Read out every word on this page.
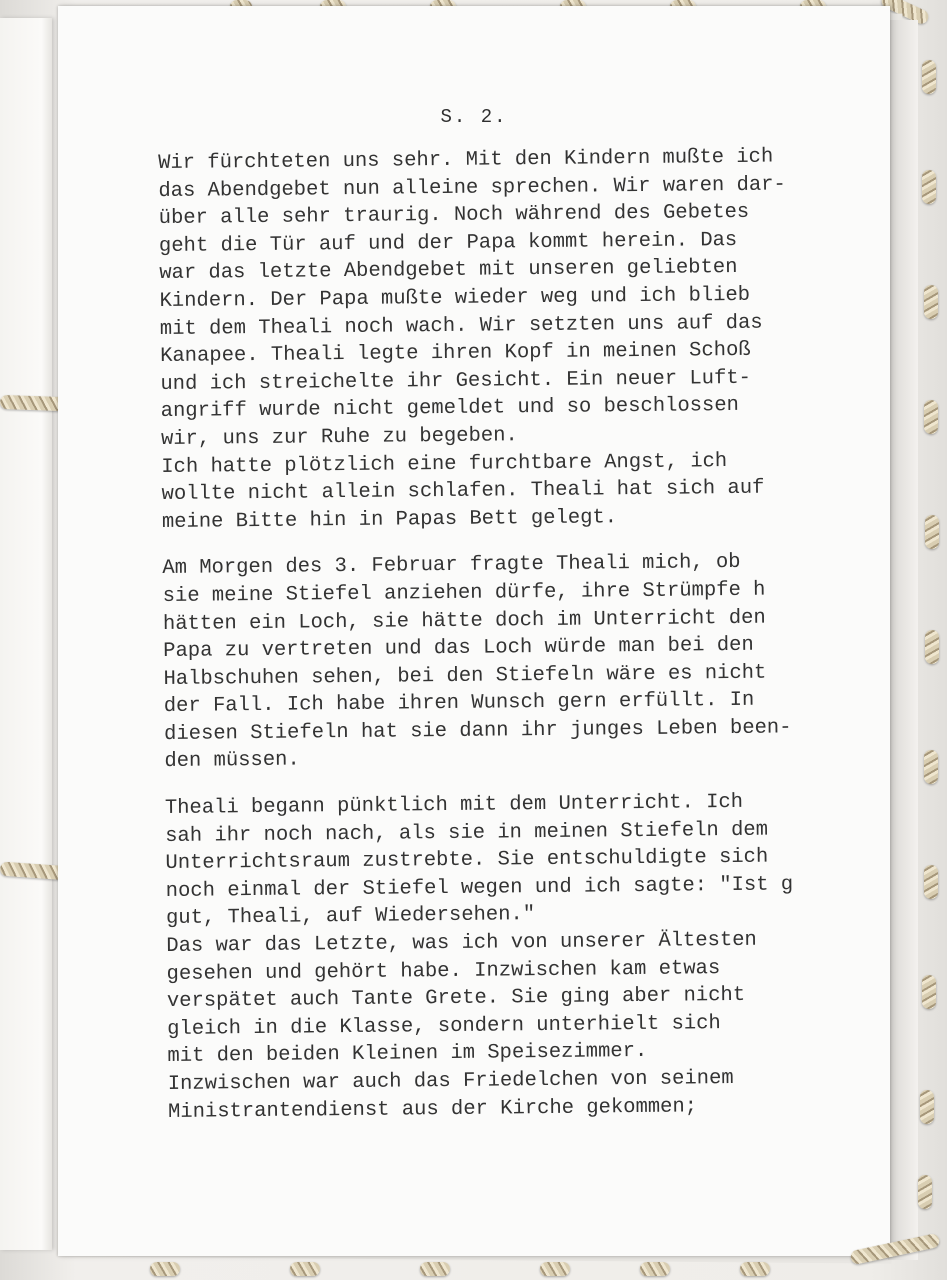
S. 2.
Wir fürchteten uns sehr. Mit den Kindern mußte ich
das Abendgebet nun alleine sprechen. Wir waren dar-
über alle sehr traurig. Noch während des Gebetes
geht die Tür auf und der Papa kommt herein. Das
war das letzte Abendgebet mit unseren geliebten
Kindern. Der Papa mußte wieder weg und ich blieb
mit dem Theali noch wach. Wir setzten uns auf das
Kanapee. Theali legte ihren Kopf in meinen Schoß
und ich streichelte ihr Gesicht. Ein neuer Luft-
angriff wurde nicht gemeldet und so beschlossen
wir, uns zur Ruhe zu begeben.
Ich hatte plötzlich eine furchtbare Angst, ich
wollte nicht allein schlafen. Theali hat sich auf
meine Bitte hin in Papas Bett gelegt.
Am Morgen des 3. Februar fragte Theali mich, ob
sie meine Stiefel anziehen dürfe, ihre Strümpfe h
hätten ein Loch, sie hätte doch im Unterricht den
Papa zu vertreten und das Loch würde man bei den
Halbschuhen sehen, bei den Stiefeln wäre es nicht
der Fall. Ich habe ihren Wunsch gern erfüllt. In
diesen Stiefeln hat sie dann ihr junges Leben been-
den müssen.
Theali begann pünktlich mit dem Unterricht. Ich
sah ihr noch nach, als sie in meinen Stiefeln dem
Unterrichtsraum zustrebte. Sie entschuldigte sich
noch einmal der Stiefel wegen und ich sagte: "Ist g
gut, Theali, auf Wiedersehen."
Das war das Letzte, was ich von unserer Ältesten
gesehen und gehört habe. Inzwischen kam etwas
verspätet auch Tante Grete. Sie ging aber nicht
gleich in die Klasse, sondern unterhielt sich
mit den beiden Kleinen im Speisezimmer.
Inzwischen war auch das Friedelchen von seinem
Ministrantendienst aus der Kirche gekommen;
